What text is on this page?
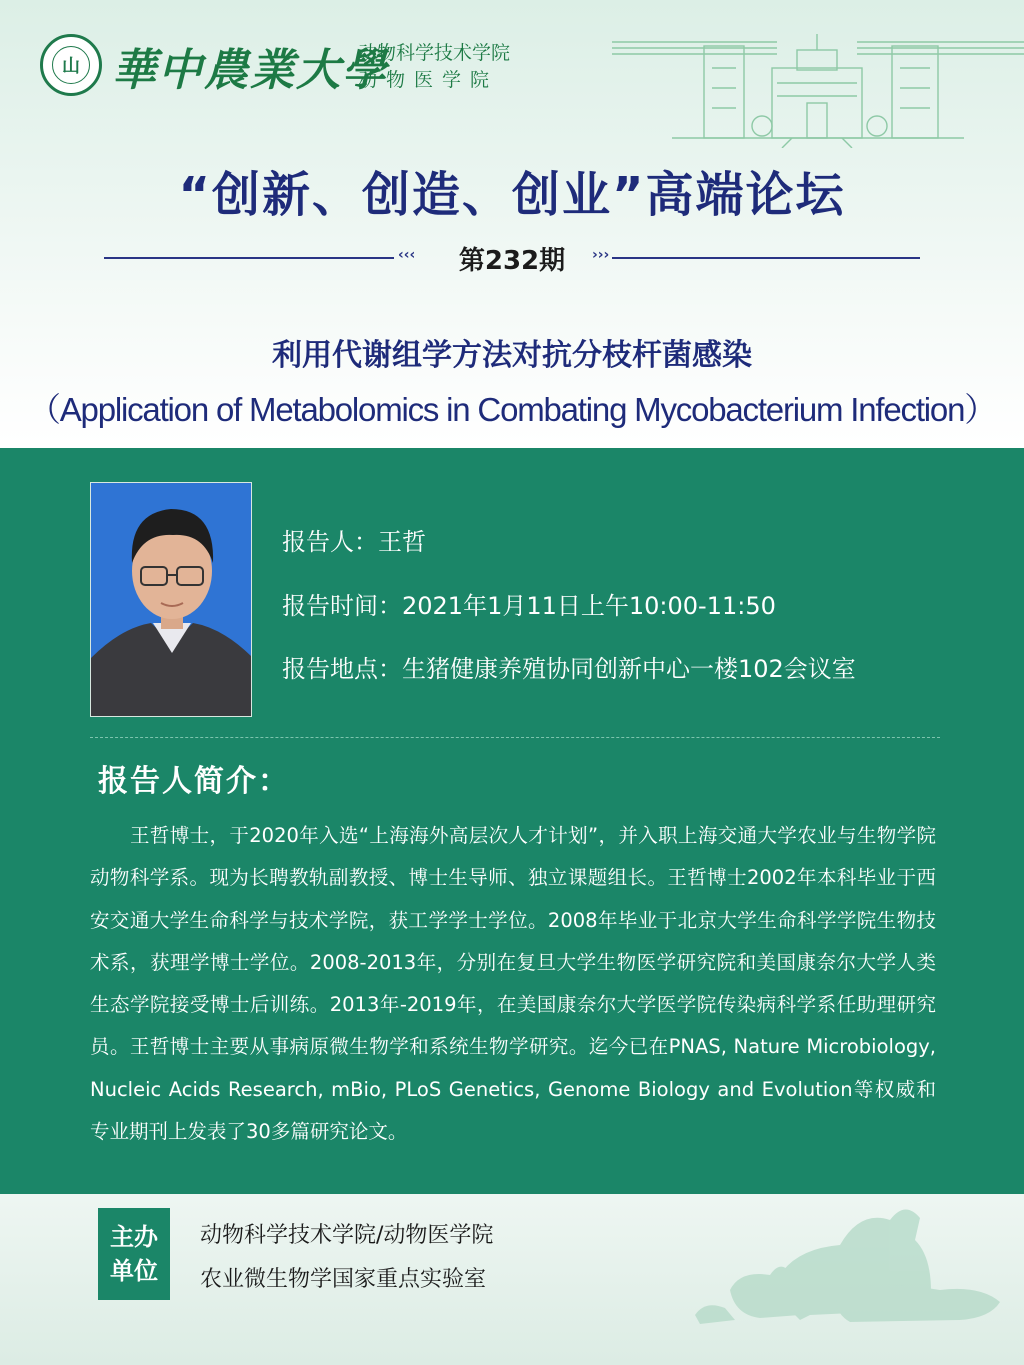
山 華中農業大學
动物科学技术学院
动物医学院
“创新、创造、创业”高端论坛
‹‹‹	第232期	›››
利用代谢组学方法对抗分枝杆菌感染
（Application of Metabolomics in Combating Mycobacterium Infection）
报告人：王哲
报告时间：2021年1月11日上午10:00-11:50
报告地点：生猪健康养殖协同创新中心一楼102会议室
报告人简介：

王哲博士，于2020年入选“上海海外高层次人才计划”，并入职上海交通大学农业与生物学院动物科学系。现为长聘教轨副教授、博士生导师、独立课题组长。王哲博士2002年本科毕业于西安交通大学生命科学与技术学院，获工学学士学位。2008年毕业于北京大学生命科学学院生物技术系，获理学博士学位。2008-2013年，分别在复旦大学生物医学研究院和美国康奈尔大学人类生态学院接受博士后训练。2013年-2019年，在美国康奈尔大学医学院传染病科学系任助理研究员。王哲博士主要从事病原微生物学和系统生物学研究。迄今已在PNAS, Nature Microbiology, Nucleic Acids Research, mBio, PLoS Genetics, Genome Biology and Evolution等权威和专业期刊上发表了30多篇研究论文。

主办
单位
动物科学技术学院/动物医学院
农业微生物学国家重点实验室
